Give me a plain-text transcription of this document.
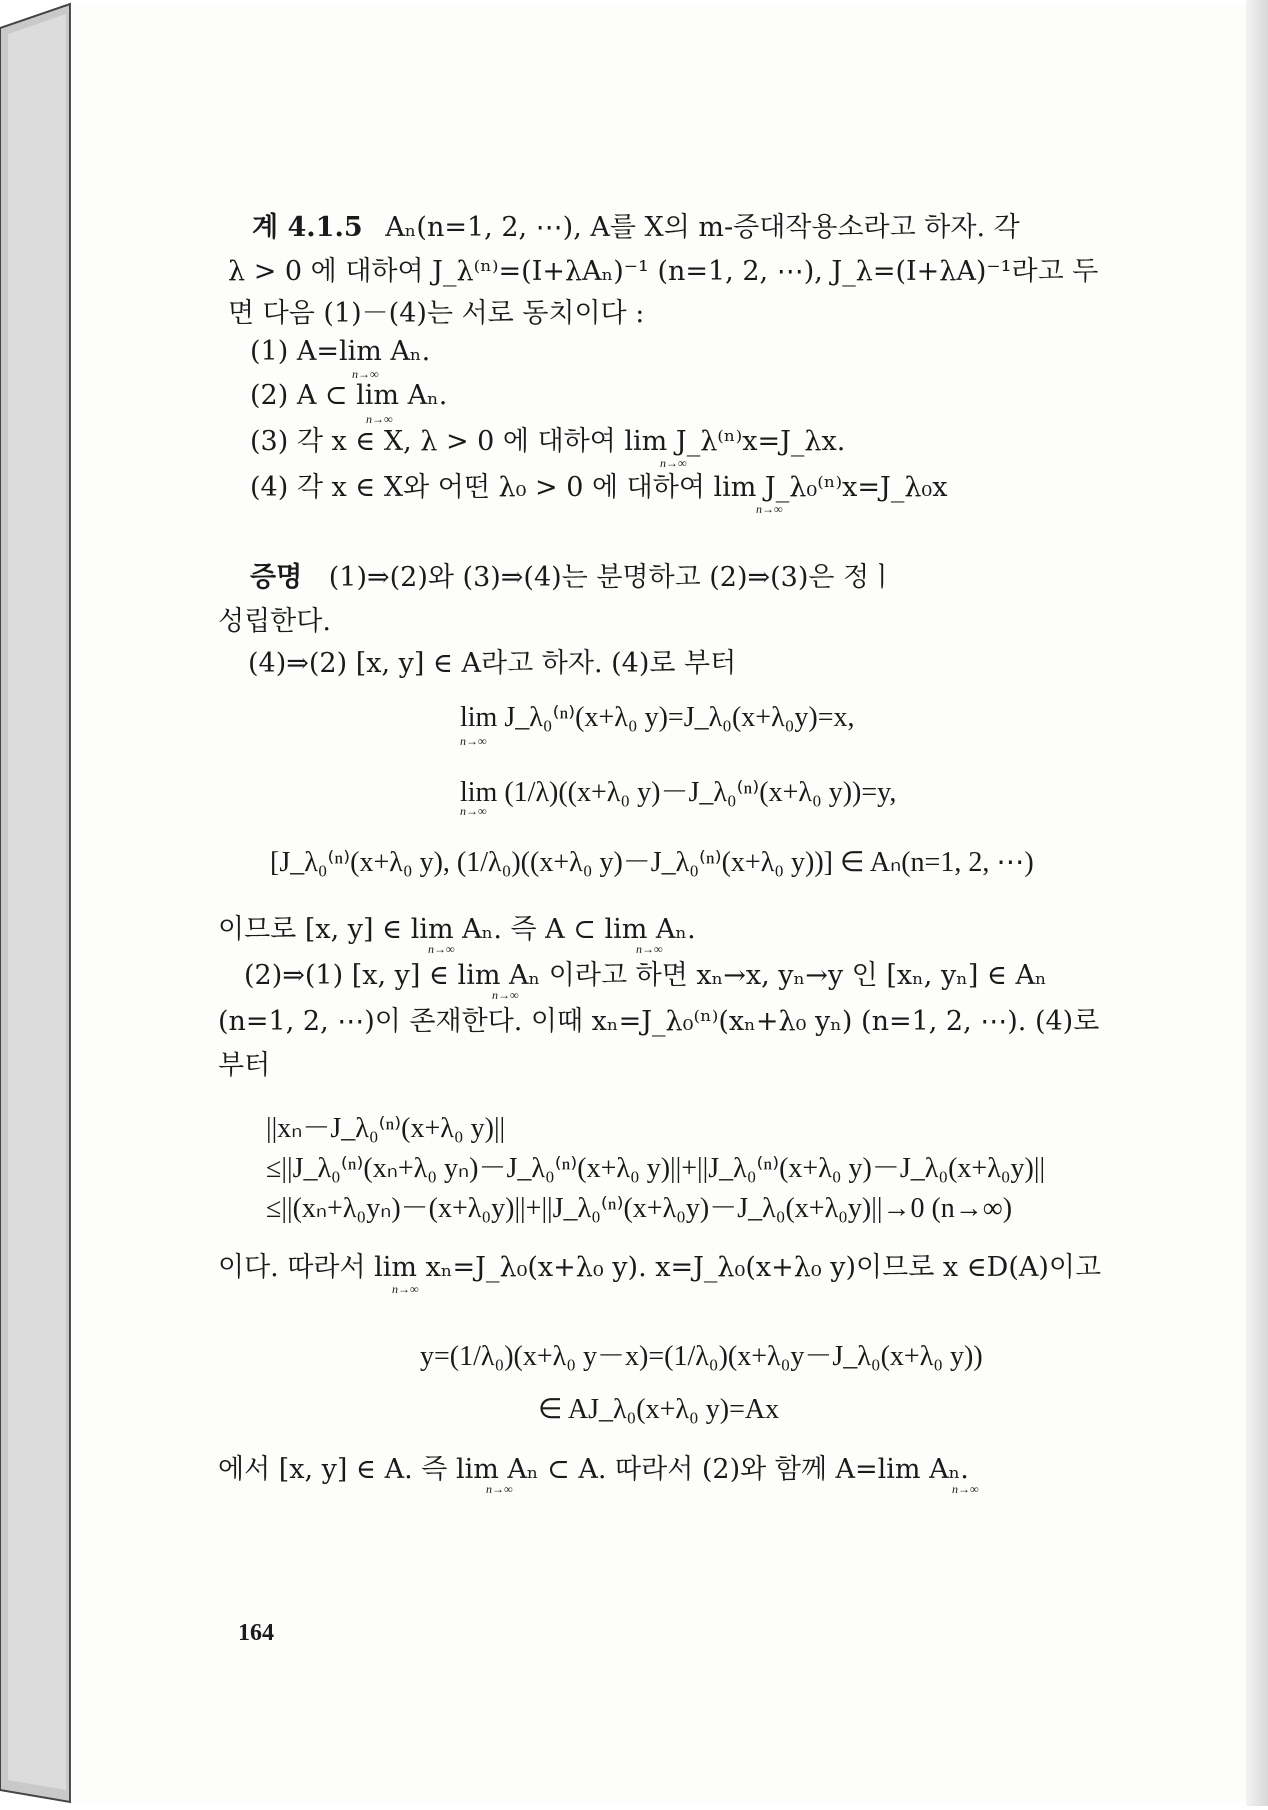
계 4.1.5 Aₙ(n=1, 2, ⋯), A를 X의 m-증대작용소라고 하자. 각
λ > 0 에 대하여 J_λ⁽ⁿ⁾=(I+λAₙ)⁻¹ (n=1, 2, ⋯), J_λ=(I+λA)⁻¹라고 두
면 다음 (1)－(4)는 서로 동치이다 :
(1) A=lim Aₙ.
n→∞
(2) A ⊂ lim Aₙ.
n→∞
(3) 각 x ∈ X, λ > 0 에 대하여 lim J_λ⁽ⁿ⁾x=J_λx.
n→∞
(4) 각 x ∈ X와 어떤 λ₀ > 0 에 대하여 lim J_λ₀⁽ⁿ⁾x=J_λ₀x
n→∞
증명 (1)⇒(2)와 (3)⇒(4)는 분명하고 (2)⇒(3)은 정ㅣ
성립한다.
(4)⇒(2) [x, y] ∈ A라고 하자. (4)로 부터
lim J_λ₀⁽ⁿ⁾(x+λ₀ y)=J_λ₀(x+λ₀y)=x,
n→∞
lim (1/λ)((x+λ₀ y)－J_λ₀⁽ⁿ⁾(x+λ₀ y))=y,
n→∞
[J_λ₀⁽ⁿ⁾(x+λ₀ y), (1/λ₀)((x+λ₀ y)－J_λ₀⁽ⁿ⁾(x+λ₀ y))] ∈ Aₙ(n=1, 2, ⋯)
이므로 [x, y] ∈ lim Aₙ. 즉 A ⊂ lim Aₙ.
n→∞	n→∞
(2)⇒(1) [x, y] ∈ lim Aₙ 이라고 하면 xₙ→x, yₙ→y 인 [xₙ, yₙ] ∈ Aₙ
n→∞
(n=1, 2, ⋯)이 존재한다. 이때 xₙ=J_λ₀⁽ⁿ⁾(xₙ+λ₀ yₙ) (n=1, 2, ⋯). (4)로
부터
||xₙ－J_λ₀⁽ⁿ⁾(x+λ₀ y)||
≤||J_λ₀⁽ⁿ⁾(xₙ+λ₀ yₙ)－J_λ₀⁽ⁿ⁾(x+λ₀ y)||+||J_λ₀⁽ⁿ⁾(x+λ₀ y)－J_λ₀(x+λ₀y)||
≤||(xₙ+λ₀yₙ)－(x+λ₀y)||+||J_λ₀⁽ⁿ⁾(x+λ₀y)－J_λ₀(x+λ₀y)||→0 (n→∞)
이다. 따라서 lim xₙ=J_λ₀(x+λ₀ y). x=J_λ₀(x+λ₀ y)이므로 x ∈D(A)이고
n→∞
y=(1/λ₀)(x+λ₀ y－x)=(1/λ₀)(x+λ₀y－J_λ₀(x+λ₀ y))
∈ AJ_λ₀(x+λ₀ y)=Ax
에서 [x, y] ∈ A. 즉 lim Aₙ ⊂ A. 따라서 (2)와 함께 A=lim Aₙ.
n→∞	n→∞
164
